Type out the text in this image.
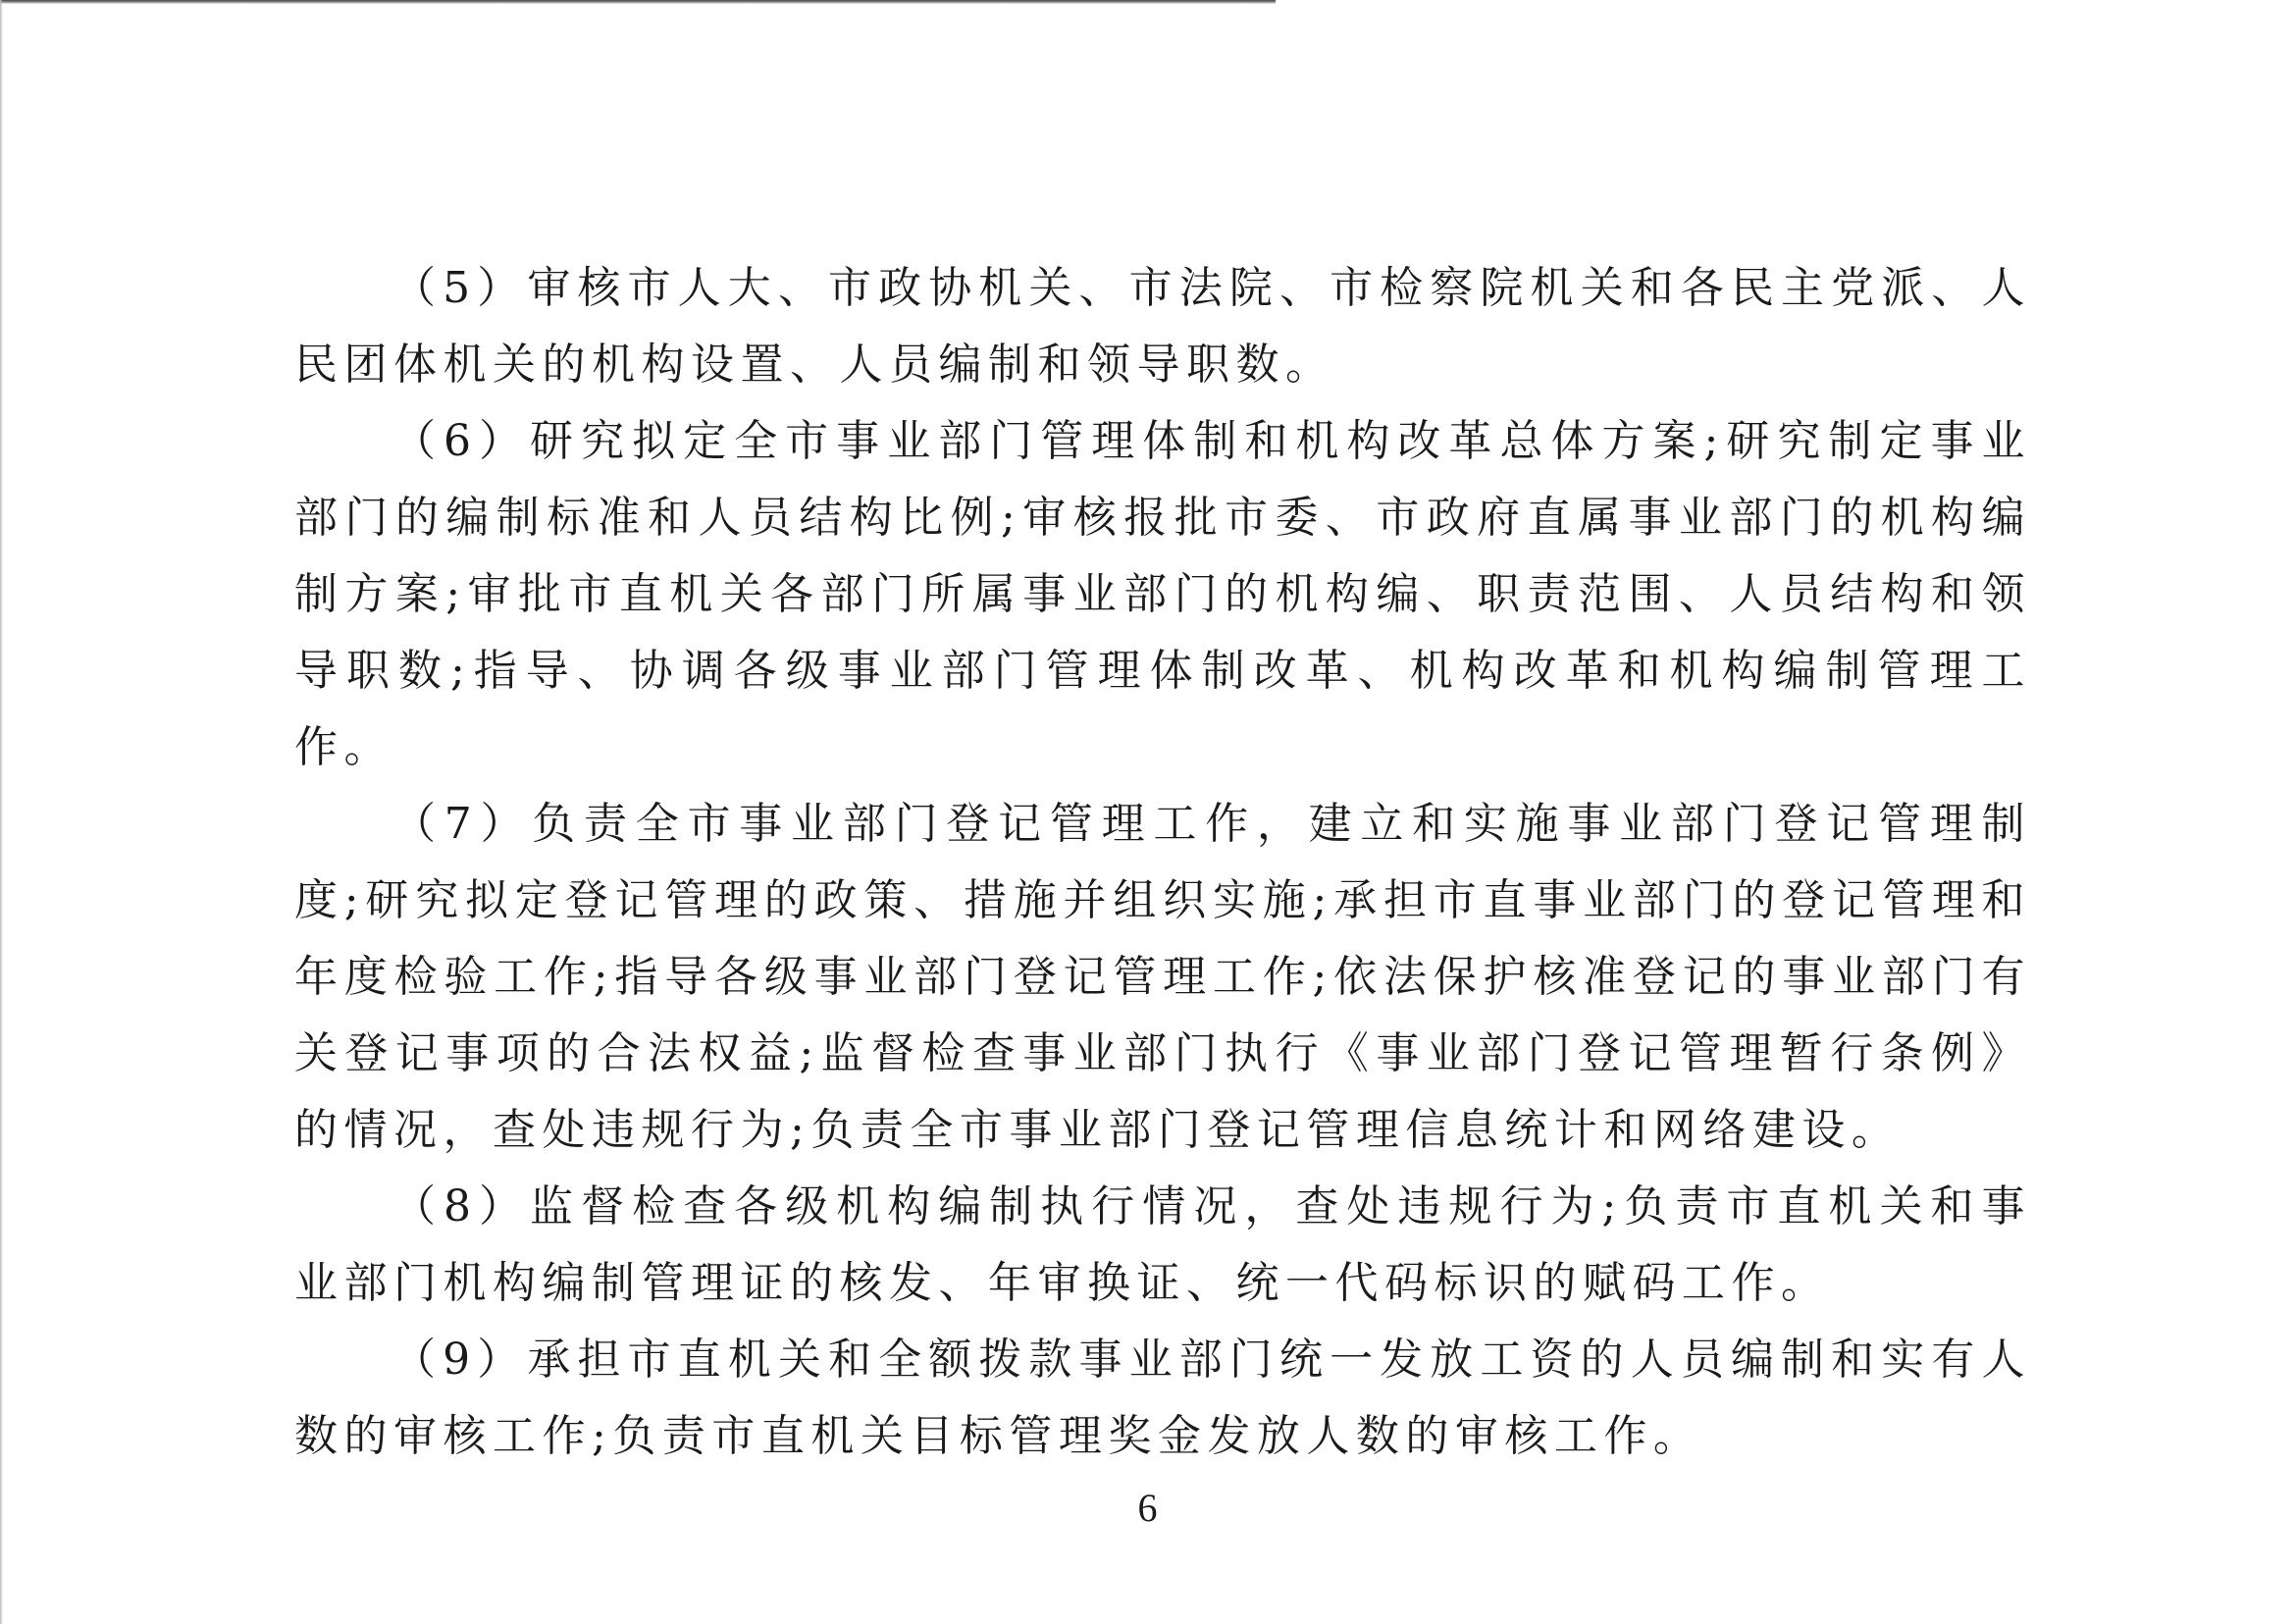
（5）审核市人大、市政协机关、市法院、市检察院机关和各民主党派、人民团体机关的机构设置、人员编制和领导职数。

（6）研究拟定全市事业部门管理体制和机构改革总体方案;研究制定事业部门的编制标准和人员结构比例;审核报批市委、市政府直属事业部门的机构编制方案;审批市直机关各部门所属事业部门的机构编、职责范围、人员结构和领导职数;指导、协调各级事业部门管理体制改革、机构改革和机构编制管理工作。

（7）负责全市事业部门登记管理工作，建立和实施事业部门登记管理制度;研究拟定登记管理的政策、措施并组织实施;承担市直事业部门的登记管理和年度检验工作;指导各级事业部门登记管理工作;依法保护核准登记的事业部门有关登记事项的合法权益;监督检查事业部门执行《事业部门登记管理暂行条例》的情况，查处违规行为;负责全市事业部门登记管理信息统计和网络建设。

（8）监督检查各级机构编制执行情况，查处违规行为;负责市直机关和事业部门机构编制管理证的核发、年审换证、统一代码标识的赋码工作。

（9）承担市直机关和全额拨款事业部门统一发放工资的人员编制和实有人数的审核工作;负责市直机关目标管理奖金发放人数的审核工作。

6
